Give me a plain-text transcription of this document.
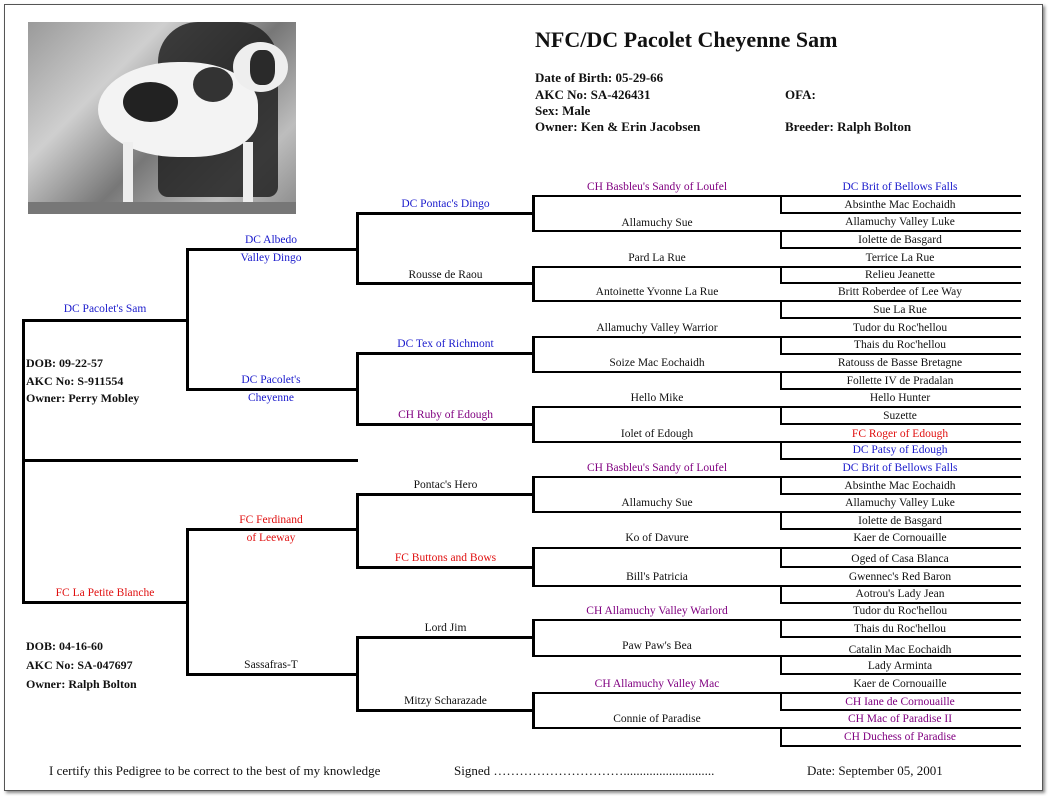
NFC/DC Pacolet Cheyenne Sam
Date of Birth: 05-29-66
AKC No: SA-426431
Sex: Male
Owner: Ken & Erin Jacobsen
OFA:
Breeder: Ralph Bolton
DC Pacolet's Sam
DOB: 09-22-57
AKC No: S-911554
Owner: Perry Mobley
FC La Petite Blanche
DOB: 04-16-60
AKC No: SA-047697
Owner: Ralph Bolton
DC Albedo
Valley Dingo
DC Pacolet's
Cheyenne
FC Ferdinand
of Leeway
Sassafras-T
DC Pontac's Dingo
Rousse de Raou
DC Tex of Richmont
CH Ruby of Edough
Pontac's Hero
FC Buttons and Bows
Lord Jim
Mitzy Scharazade
CH Basbleu's Sandy of Loufel
Allamuchy Sue
Pard La Rue
Antoinette Yvonne La Rue
Allamuchy Valley Warrior
Soize Mac Eochaidh
Hello Mike
Iolet of Edough
CH Basbleu's Sandy of Loufel
Allamuchy Sue
Ko of Davure
Bill's Patricia
CH Allamuchy Valley Warlord
Paw Paw's Bea
CH Allamuchy Valley Mac
Connie of Paradise
DC Brit of Bellows Falls
Absinthe Mac Eochaidh
Allamuchy Valley Luke
Iolette de Basgard
Terrice La Rue
Relieu Jeanette
Britt Roberdee of Lee Way
Sue La Rue
Tudor du Roc'hellou
Thais du Roc'hellou
Ratouss de Basse Bretagne
Follette IV de Pradalan
Hello Hunter
Suzette
FC Roger of Edough
DC Patsy of Edough
DC Brit of Bellows Falls
Absinthe Mac Eochaidh
Allamuchy Valley Luke
Iolette de Basgard
Kaer de Cornouaille
Oged of Casa Blanca
Gwennec's Red Baron
Aotrou's Lady Jean
Tudor du Roc'hellou
Thais du Roc'hellou
Catalin Mac Eochaidh
Lady Arminta
Kaer de Cornouaille
CH Iane de Cornouaille
CH Mac of Paradise II
CH Duchess of Paradise
I certify this Pedigree to be correct to the best of my knowledge	Signed …………………………............................	Date: September 05, 2001
